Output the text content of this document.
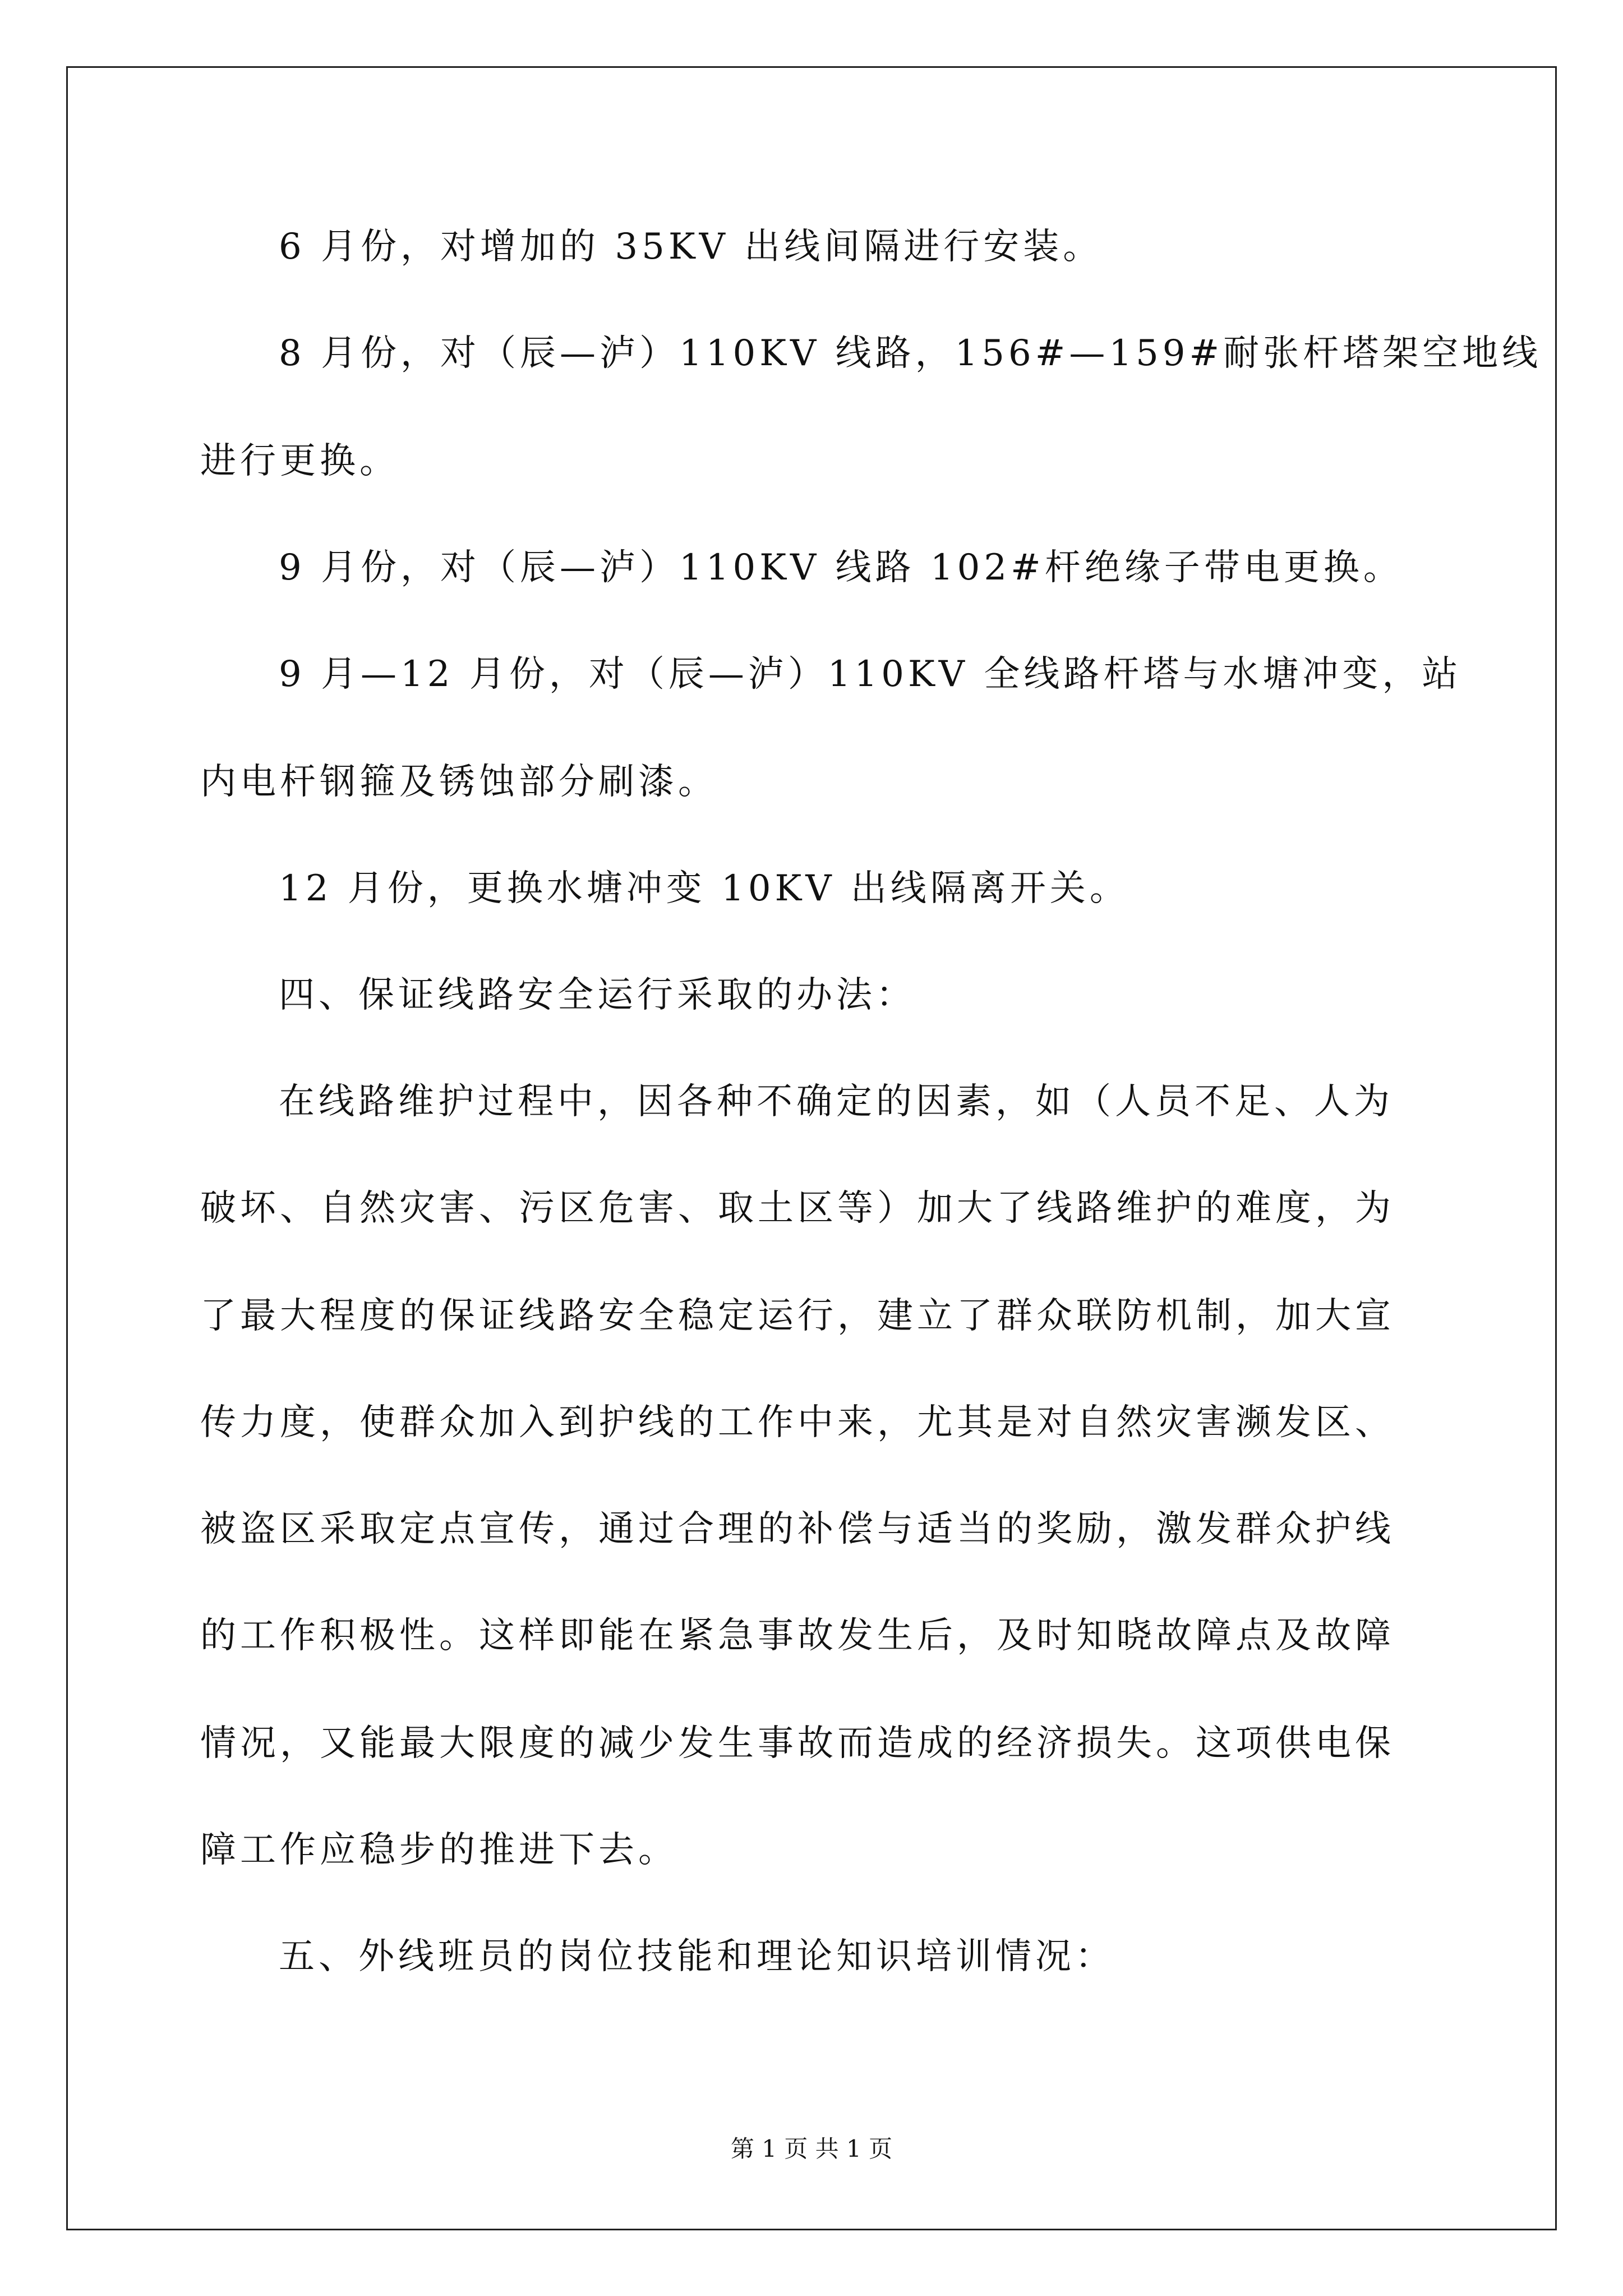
6 月份，对增加的 35KV 出线间隔进行安装。
8 月份，对（辰—泸）110KV 线路，156#—159#耐张杆塔架空地线
进行更换。
9 月份，对（辰—泸）110KV 线路 102#杆绝缘子带电更换。
9 月—12 月份，对（辰—泸）110KV 全线路杆塔与水塘冲变，站
内电杆钢箍及锈蚀部分刷漆。
12 月份，更换水塘冲变 10KV 出线隔离开关。
四、保证线路安全运行采取的办法：
在线路维护过程中，因各种不确定的因素，如（人员不足、人为
破坏、自然灾害、污区危害、取土区等）加大了线路维护的难度，为
了最大程度的保证线路安全稳定运行，建立了群众联防机制，加大宣
传力度，使群众加入到护线的工作中来，尤其是对自然灾害濒发区、
被盗区采取定点宣传，通过合理的补偿与适当的奖励，激发群众护线
的工作积极性。这样即能在紧急事故发生后，及时知晓故障点及故障
情况，又能最大限度的减少发生事故而造成的经济损失。这项供电保
障工作应稳步的推进下去。
五、外线班员的岗位技能和理论知识培训情况：
第 1 页 共 1 页
